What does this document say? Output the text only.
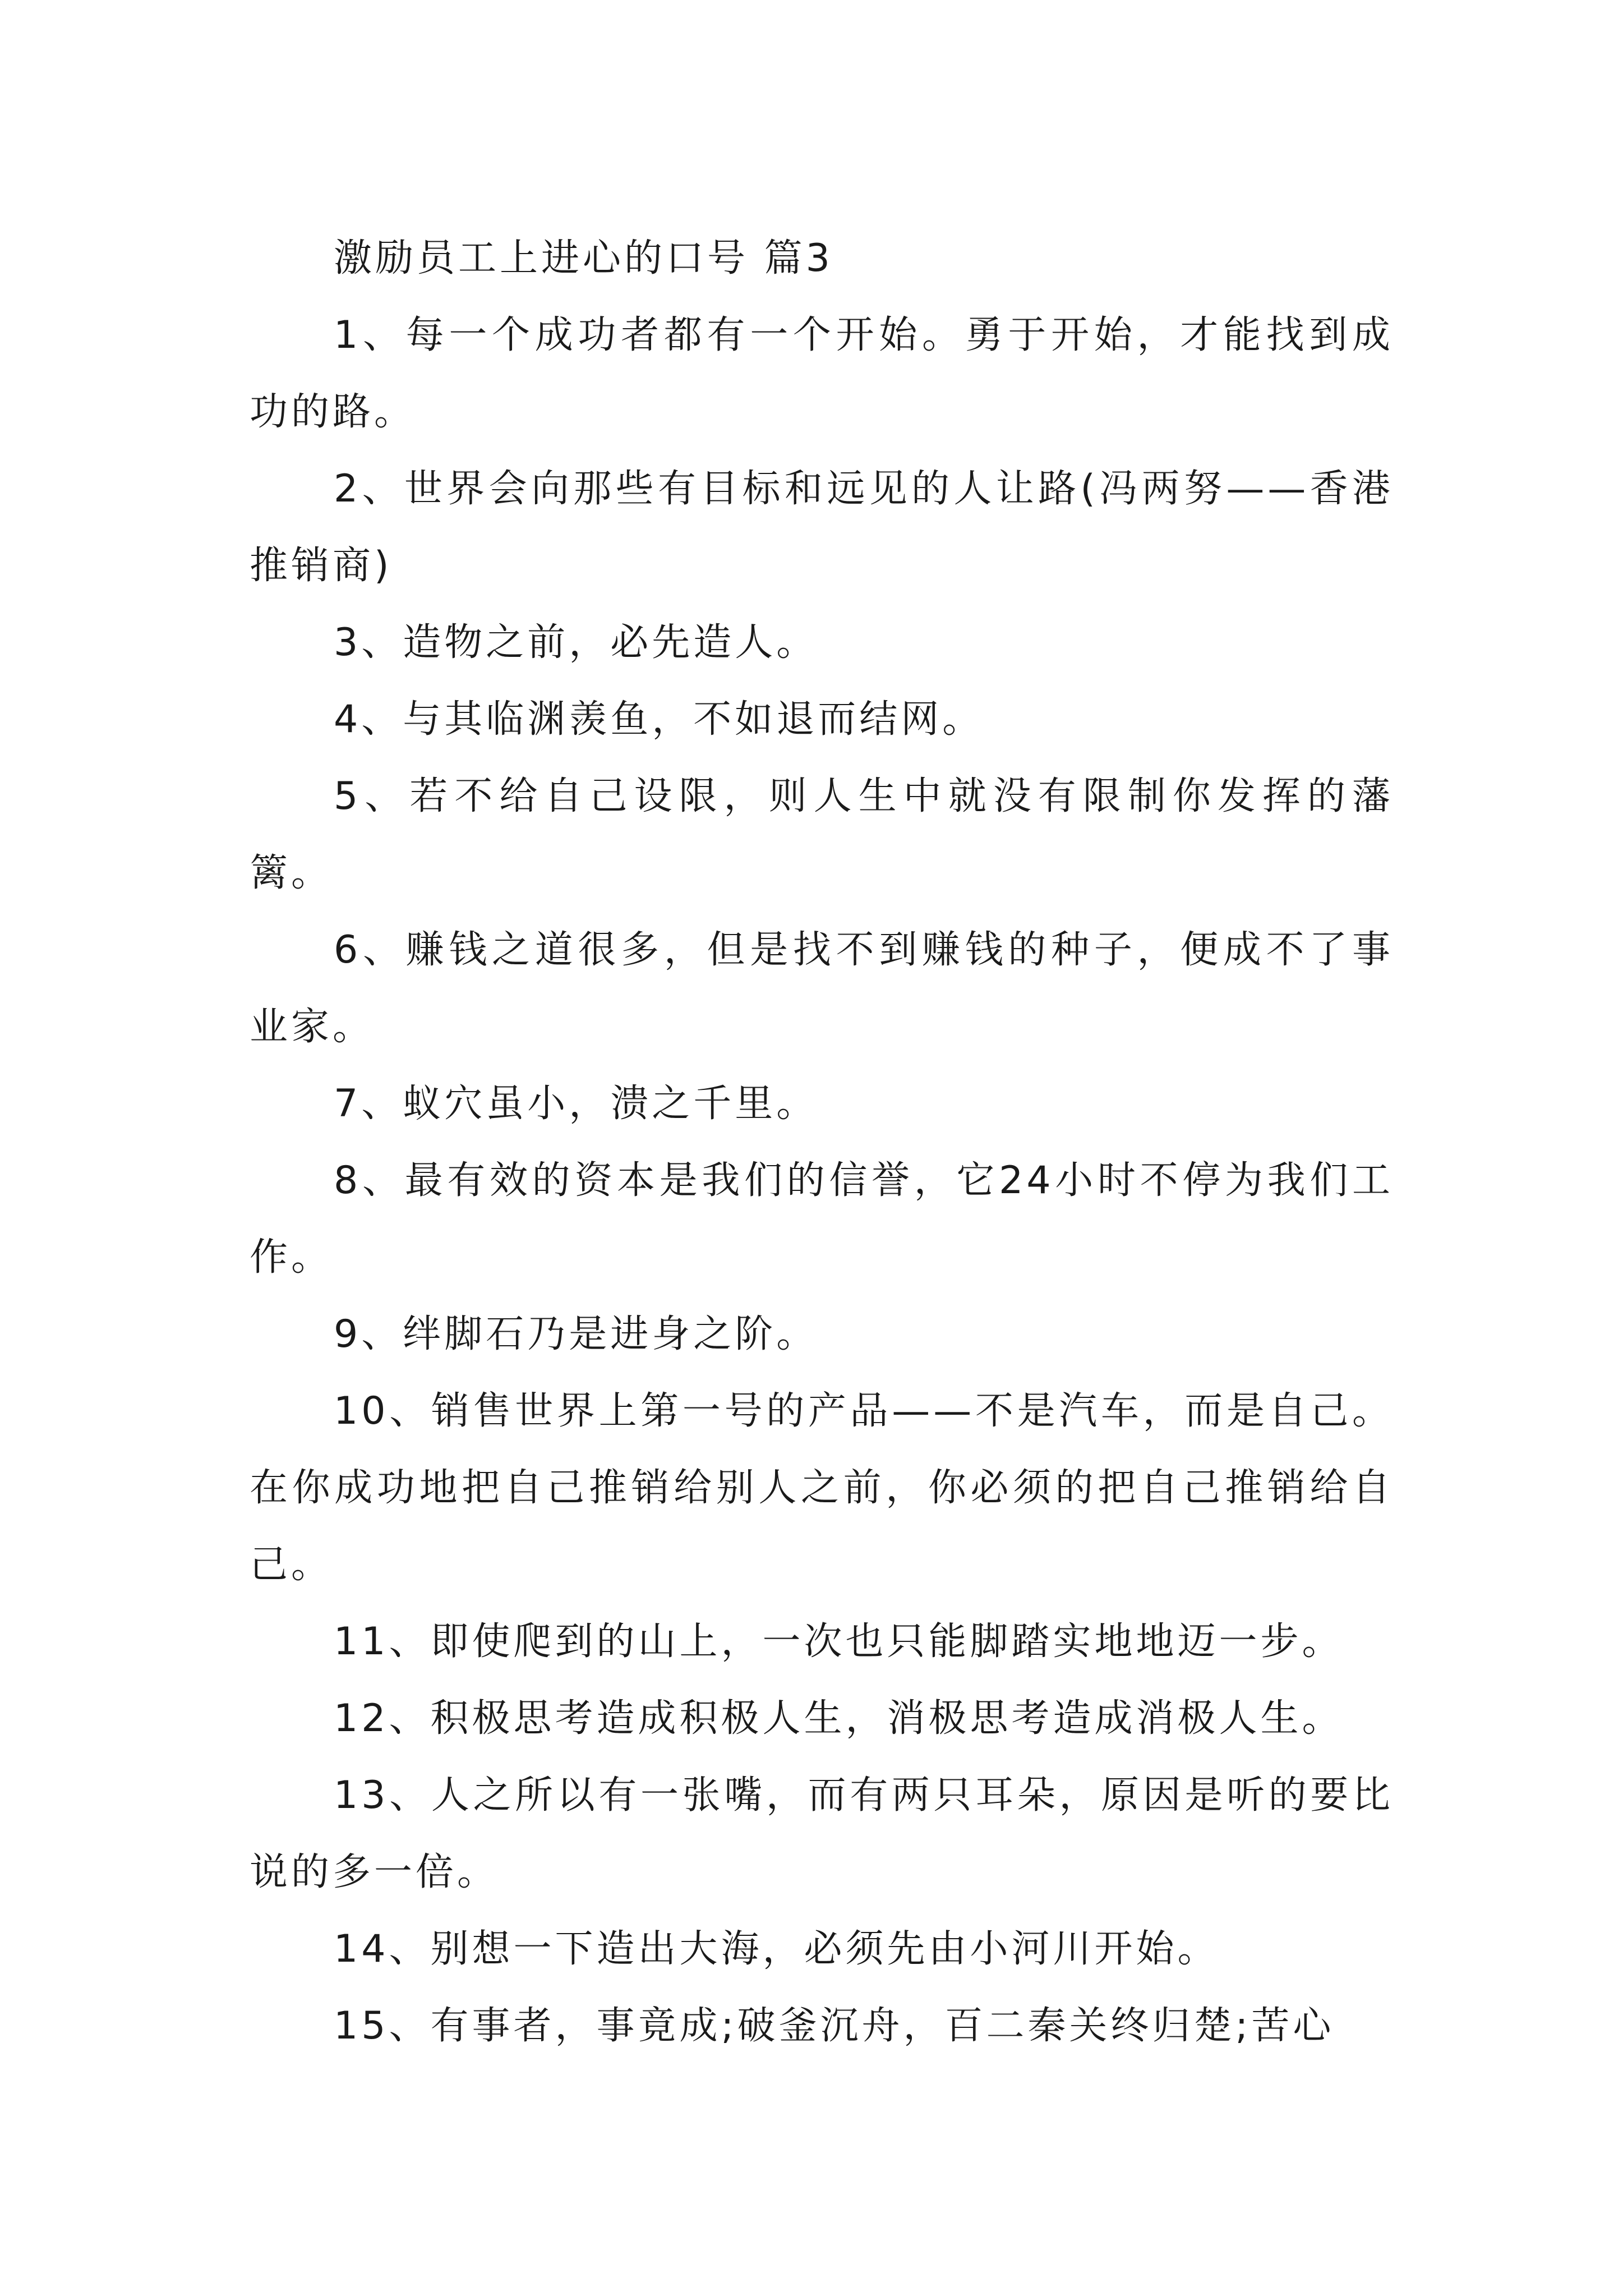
激励员工上进心的口号 篇3

1、每一个成功者都有一个开始。勇于开始，才能找到成功的路。

2、世界会向那些有目标和远见的人让路(冯两努——香港推销商)

3、造物之前，必先造人。

4、与其临渊羡鱼，不如退而结网。

5、若不给自己设限，则人生中就没有限制你发挥的藩篱。

6、赚钱之道很多，但是找不到赚钱的种子，便成不了事业家。

7、蚁穴虽小，溃之千里。

8、最有效的资本是我们的信誉，它24小时不停为我们工作。

9、绊脚石乃是进身之阶。

10、销售世界上第一号的产品——不是汽车，而是自己。在你成功地把自己推销给别人之前，你必须的把自己推销给自己。

11、即使爬到的山上，一次也只能脚踏实地地迈一步。

12、积极思考造成积极人生，消极思考造成消极人生。

13、人之所以有一张嘴，而有两只耳朵，原因是听的要比说的多一倍。

14、别想一下造出大海，必须先由小河川开始。

15、有事者，事竟成;破釜沉舟，百二秦关终归楚;苦心
